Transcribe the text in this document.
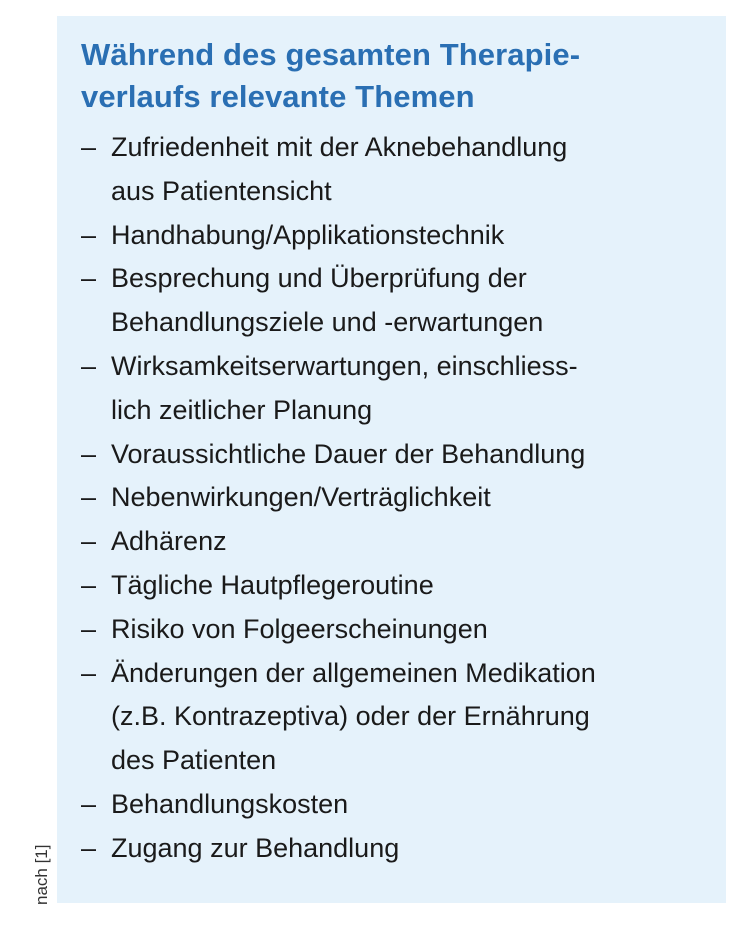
Während des gesamten Therapie-
verlaufs relevante Themen
– Zufriedenheit mit der Aknebehandlung
aus Patientensicht
– Handhabung/Applikationstechnik
– Besprechung und Überprüfung der
Behandlungsziele und -erwartungen
– Wirksamkeitserwartungen, einschliess-
lich zeitlicher Planung
– Voraussichtliche Dauer der Behandlung
– Nebenwirkungen/Verträglichkeit
– Adhärenz
– Tägliche Hautpflegeroutine
– Risiko von Folgeerscheinungen
– Änderungen der allgemeinen Medikation
(z.B. Kontrazeptiva) oder der Ernährung
des Patienten
– Behandlungskosten
– Zugang zur Behandlung
nach [1]
